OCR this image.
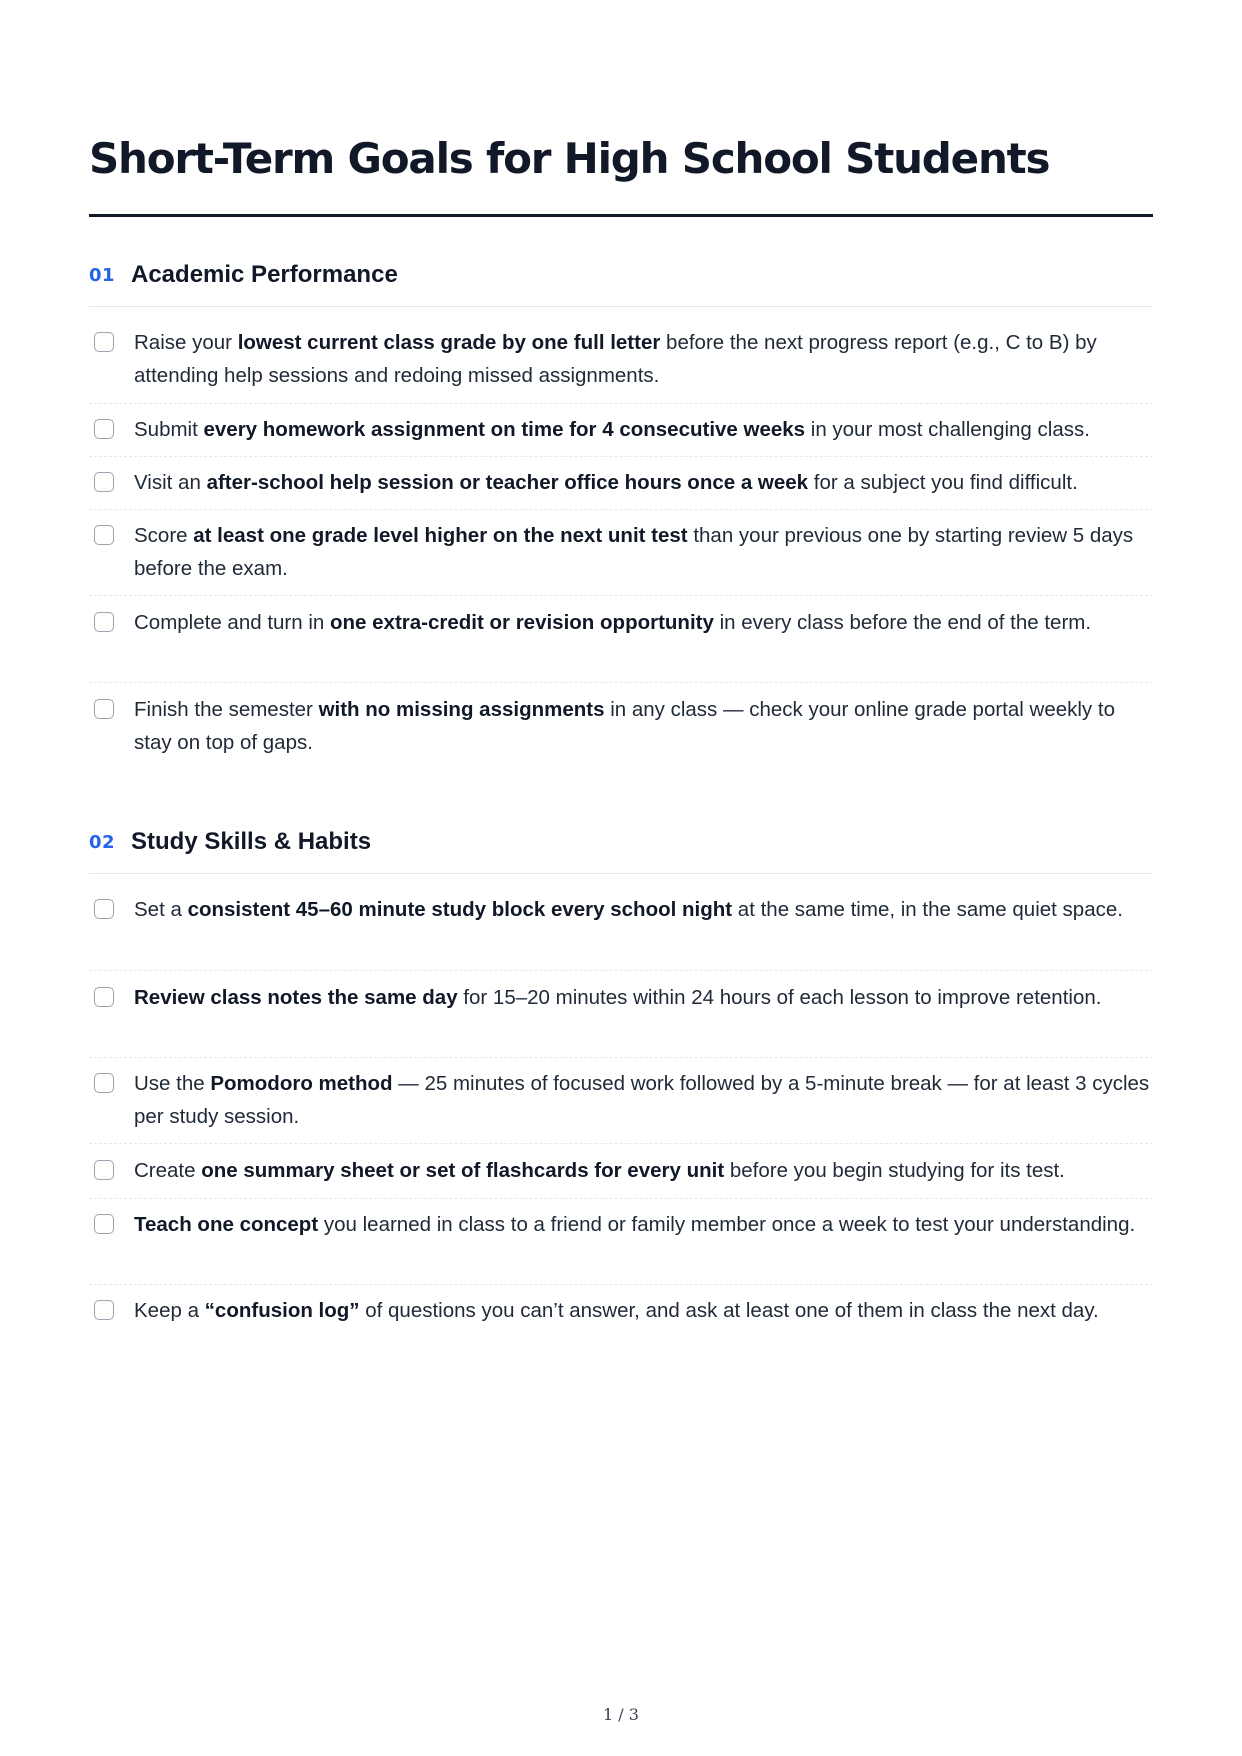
Short-Term Goals for High School Students
01 Academic Performance
Raise your lowest current class grade by one full letter before the next progress report (e.g., C to B) by attending help sessions and redoing missed assignments.
Submit every homework assignment on time for 4 consecutive weeks in your most challenging class.
Visit an after-school help session or teacher office hours once a week for a subject you find difficult.
Score at least one grade level higher on the next unit test than your previous one by starting review 5 days before the exam.
Complete and turn in one extra-credit or revision opportunity in every class before the end of the term.
Finish the semester with no missing assignments in any class — check your online grade portal weekly to stay on top of gaps.
02 Study Skills & Habits
Set a consistent 45–60 minute study block every school night at the same time, in the same quiet space.
Review class notes the same day for 15–20 minutes within 24 hours of each lesson to improve retention.
Use the Pomodoro method — 25 minutes of focused work followed by a 5-minute break — for at least 3 cycles per study session.
Create one summary sheet or set of flashcards for every unit before you begin studying for its test.
Teach one concept you learned in class to a friend or family member once a week to test your understanding.
Keep a “confusion log” of questions you can’t answer, and ask at least one of them in class the next day.
1 / 3
